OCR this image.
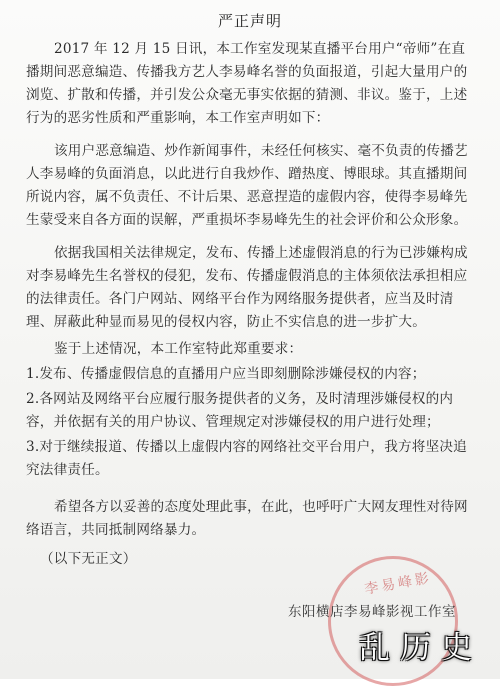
严正声明

2017 年 12 月 15 日讯，本工作室发现某直播平台用户“帝师”在直播期间恶意编造、传播我方艺人李易峰名誉的负面报道，引起大量用户的浏览、扩散和传播，并引发公众毫无事实依据的猜测、非议。鉴于，上述行为的恶劣性质和严重影响，本工作室声明如下：

该用户恶意编造、炒作新闻事件，未经任何核实、毫不负责的传播艺人李易峰的负面消息，以此进行自我炒作、蹭热度、博眼球。其直播期间所说内容，属不负责任、不计后果、恶意捏造的虚假内容，使得李易峰先生蒙受来自各方面的误解，严重损坏李易峰先生的社会评价和公众形象。

依据我国相关法律规定，发布、传播上述虚假消息的行为已涉嫌构成对李易峰先生名誉权的侵犯，发布、传播虚假消息的主体须依法承担相应的法律责任。各门户网站、网络平台作为网络服务提供者，应当及时清理、屏蔽此种显而易见的侵权内容，防止不实信息的进一步扩大。

鉴于上述情况，本工作室特此郑重要求：

1.发布、传播虚假信息的直播用户应当即刻删除涉嫌侵权的内容；

2.各网站及网络平台应履行服务提供者的义务，及时清理涉嫌侵权的内容，并依据有关的用户协议、管理规定对涉嫌侵权的用户进行处理；

3.对于继续报道、传播以上虚假内容的网络社交平台用户，我方将坚决追究法律责任。

希望各方以妥善的态度处理此事，在此，也呼吁广大网友理性对待网络语言，共同抵制网络暴力。

（以下无正文）

李易峰影
东阳横店李易峰影视工作室
乱历史
